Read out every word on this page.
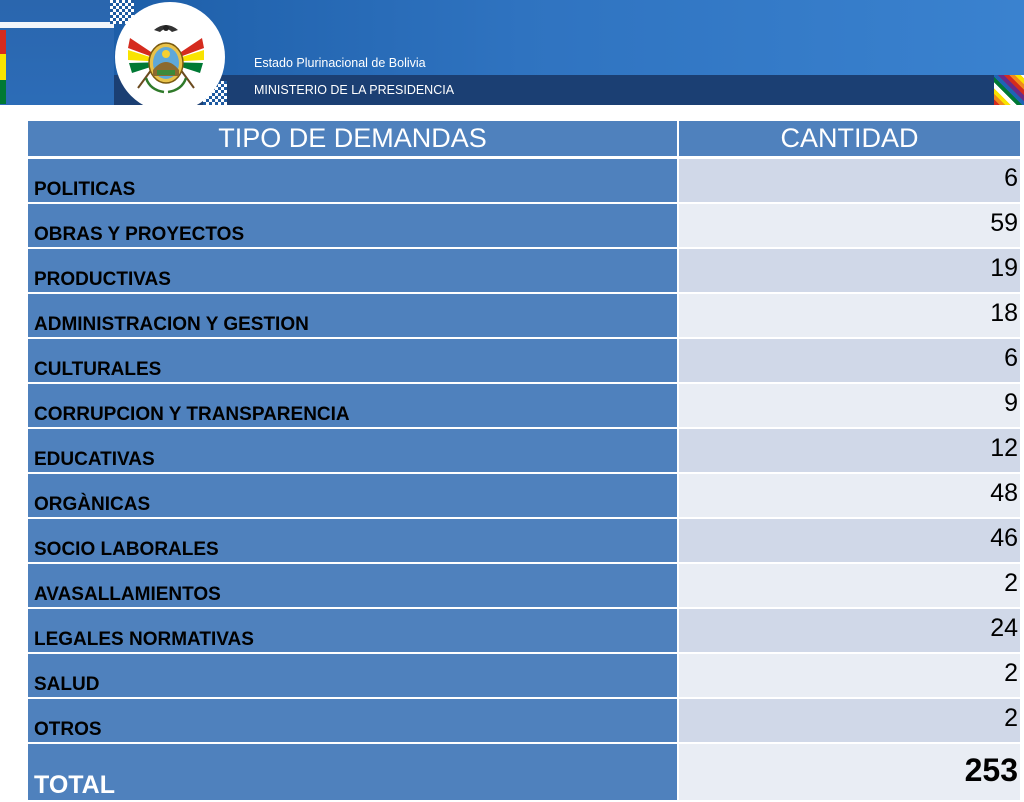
Estado Plurinacional de Bolivia
MINISTERIO DE LA PRESIDENCIA
TIPO DE DEMANDAS	CANTIDAD
POLITICAS	6
OBRAS Y PROYECTOS	59
PRODUCTIVAS	19
ADMINISTRACION Y GESTION	18
CULTURALES	6
CORRUPCION Y TRANSPARENCIA	9
EDUCATIVAS	12
ORGÀNICAS	48
SOCIO LABORALES	46
AVASALLAMIENTOS	2
LEGALES NORMATIVAS	24
SALUD	2
OTROS	2
TOTAL	253
